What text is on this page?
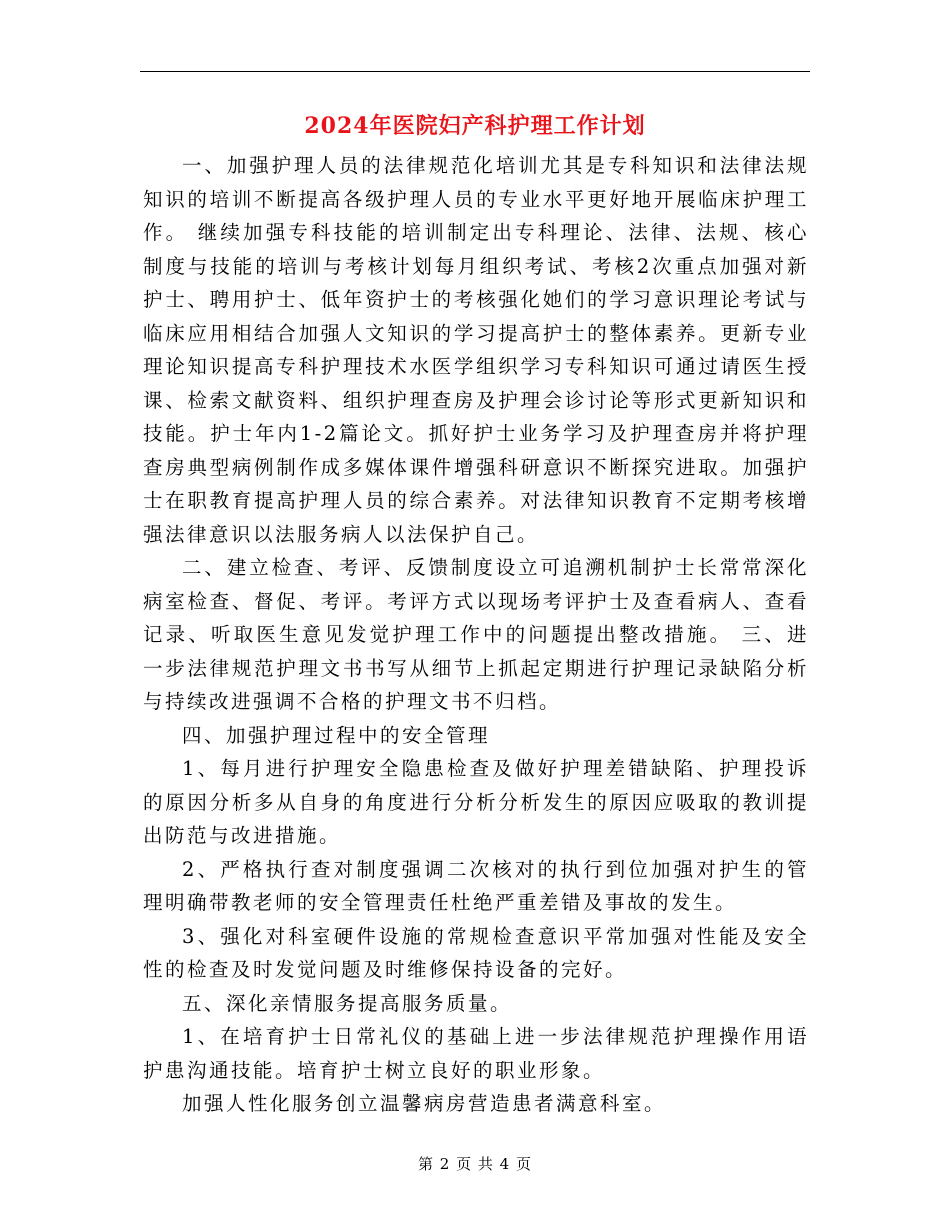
2024年医院妇产科护理工作计划

一、加强护理人员的法律规范化培训尤其是专科知识和法律法规知识的培训不断提高各级护理人员的专业水平更好地开展临床护理工作。 继续加强专科技能的培训制定出专科理论、法律、法规、核心制度与技能的培训与考核计划每月组织考试、考核2次重点加强对新护士、聘用护士、低年资护士的考核强化她们的学习意识理论考试与临床应用相结合加强人文知识的学习提高护士的整体素养。更新专业理论知识提高专科护理技术水医学组织学习专科知识可通过请医生授课、检索文献资料、组织护理查房及护理会诊讨论等形式更新知识和技能。护士年内1-2篇论文。抓好护士业务学习及护理查房并将护理查房典型病例制作成多媒体课件增强科研意识不断探究进取。加强护士在职教育提高护理人员的综合素养。对法律知识教育不定期考核增强法律意识以法服务病人以法保护自己。

二、建立检查、考评、反馈制度设立可追溯机制护士长常常深化病室检查、督促、考评。考评方式以现场考评护士及查看病人、查看记录、听取医生意见发觉护理工作中的问题提出整改措施。 三、进一步法律规范护理文书书写从细节上抓起定期进行护理记录缺陷分析与持续改进强调不合格的护理文书不归档。

四、加强护理过程中的安全管理

1、每月进行护理安全隐患检查及做好护理差错缺陷、护理投诉的原因分析多从自身的角度进行分析分析发生的原因应吸取的教训提出防范与改进措施。

2、严格执行查对制度强调二次核对的执行到位加强对护生的管理明确带教老师的安全管理责任杜绝严重差错及事故的发生。

3、强化对科室硬件设施的常规检查意识平常加强对性能及安全性的检查及时发觉问题及时维修保持设备的完好。

五、深化亲情服务提高服务质量。

1、在培育护士日常礼仪的基础上进一步法律规范护理操作用语护患沟通技能。培育护士树立良好的职业形象。

加强人性化服务创立温馨病房营造患者满意科室。

第 2 页 共 4 页
